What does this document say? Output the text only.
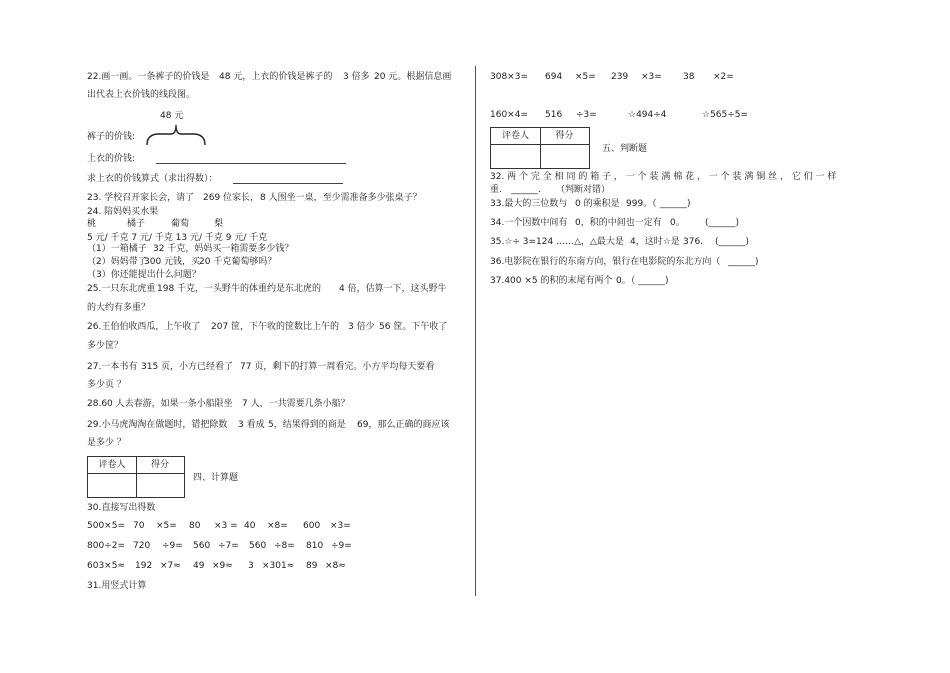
22.画一画。一条裤子的价钱是 48 元，上衣的价钱是裤子的 3 倍多 20 元。根据信息画
出代表上衣价钱的线段图。
48 元
裤子的价钱:
上衣的价钱:
求上衣的价钱算式（求出得数）：
23. 学校召开家长会，请了 269 位家长， 8 人围坐一桌，至少需准备多少张桌子？
24. 陪妈妈买水果
桃	橘子	葡萄	梨
5 元/ 千克 7 元/ 千克 13 元/ 千克 9 元/ 千克
（1）一箱橘子 32 千克，妈妈买一箱需要多少钱？
（2）妈妈带了
300 元钱，买
20 千克葡萄够吗？
（3）你还能提出什么问题？
25.一只东北虎重 198 千克，一头野牛的体重约是东北虎的 4 倍，估算一下，这头野牛
的大约有多重？
26.王伯伯收西瓜，上午收了 207 筐，下午收的筐数比上午的 3 倍少 56 筐。下午收了
多少筐？
27.一本书有 315 页，小方已经看了 77 页，剩下的打算一周看完。小方平均每天要看
多少页 ？
28.60 人去春游，如果一条小船限坐 7 人，一共需要几条小船？
29.小马虎淘淘在做题时，错把除数 3 看成 5，结果得到的商是 69，那么正确的商应该
是多少 ？
评卷人	得分
四、计算题
30.直接写出得数
500×5= 70 ×5= 80 ×3 = 40 ×8= 600 ×3=
800÷2= 720 ÷9= 560 ÷7= 560 ÷8= 810 ÷9=
603×5≈ 192 ×7≈ 49 ×9≈ 3 ×301≈ 89 ×8≈
31.用竖式计算
308×3= 694 ×5= 239 ×3= 38 ×2=
160×4= 516 ÷3=	☆494÷4	☆565÷5=
评卷人	得分
五、判断题
32. 两 个 完 全 相 同 的 箱 子 ， 一 个 装 满 棉 花 ， 一 个 装 满 铜 丝 ， 它 们 一 样
重. ______. （判断对错）
33.最大的三位数与 0 的乘积是 999。（ ______)
34.一个因数中间有 0，积的中间也一定有 0。 (______)
35.☆÷ 3=124 ……△，△最大是 4，这时☆是 376. (______)
36.电影院在银行的东南方向，银行在电影院的东北方向（ ______)
37.400 ×5 的积的末尾有两个 0。（ ______)
